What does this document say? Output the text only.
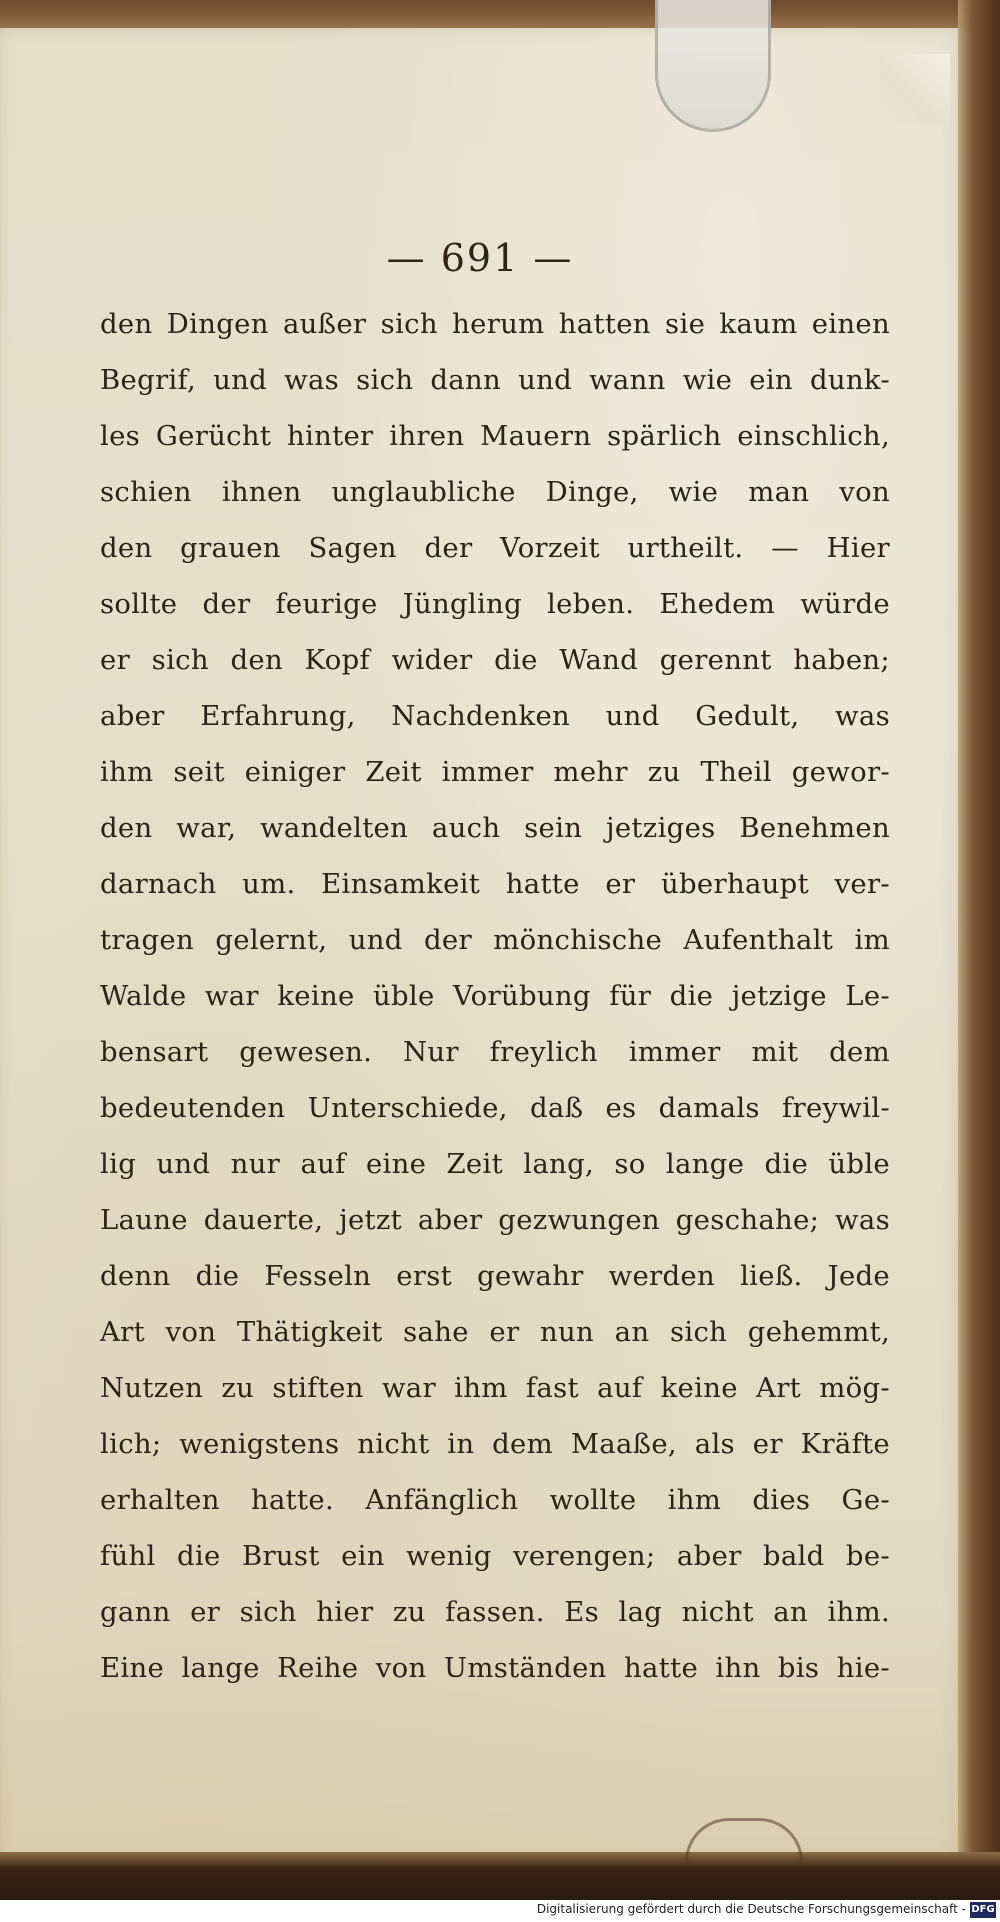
— 691 —
den Dingen außer sich herum hatten sie kaum einen
Begrif, und was sich dann und wann wie ein dunk-
les Gerücht hinter ihren Mauern spärlich einschlich,
schien ihnen unglaubliche Dinge, wie man von
den grauen Sagen der Vorzeit urtheilt. — Hier
sollte der feurige Jüngling leben. Ehedem würde
er sich den Kopf wider die Wand gerennt haben;
aber Erfahrung, Nachdenken und Gedult, was
ihm seit einiger Zeit immer mehr zu Theil gewor-
den war, wandelten auch sein jetziges Benehmen
darnach um. Einsamkeit hatte er überhaupt ver-
tragen gelernt, und der mönchische Aufenthalt im
Walde war keine üble Vorübung für die jetzige Le-
bensart gewesen. Nur freylich immer mit dem
bedeutenden Unterschiede, daß es damals freywil-
lig und nur auf eine Zeit lang, so lange die üble
Laune dauerte, jetzt aber gezwungen geschahe; was
denn die Fesseln erst gewahr werden ließ. Jede
Art von Thätigkeit sahe er nun an sich gehemmt,
Nutzen zu stiften war ihm fast auf keine Art mög-
lich; wenigstens nicht in dem Maaße, als er Kräfte
erhalten hatte. Anfänglich wollte ihm dies Ge-
fühl die Brust ein wenig verengen; aber bald be-
gann er sich hier zu fassen. Es lag nicht an ihm.
Eine lange Reihe von Umständen hatte ihn bis hie-
Digitalisierung gefördert durch die Deutsche Forschungsgemeinschaft - DFG
